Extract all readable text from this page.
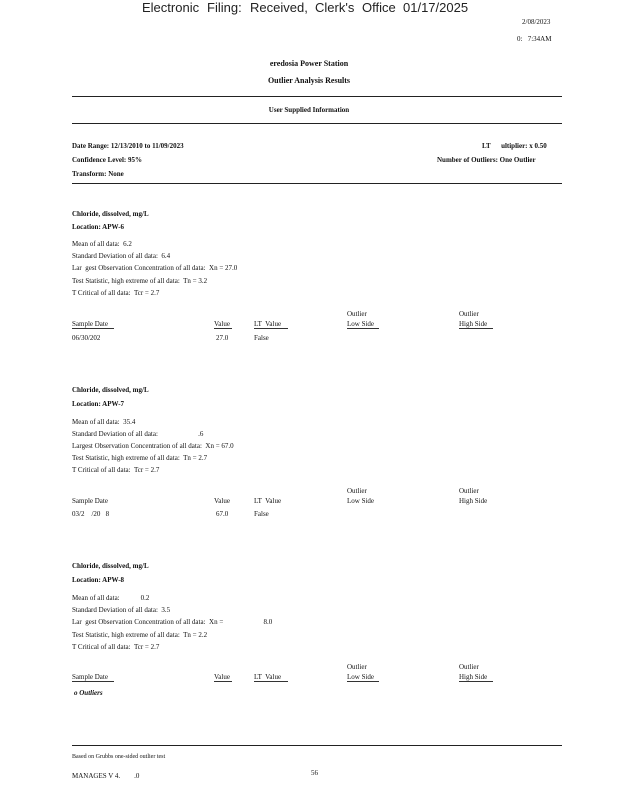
Electronic Filing: Received, Clerk's Office 01/17/2025
2/08/2023
0:   7:34AM
eredosia Power Station
Outlier Analysis Results
User Supplied Information
Date Range: 12/13/2010 to 11/09/2023
Confidence Level: 95%
Transform: None
LT      ultiplier: x 0.50
Number of Outliers: One Outlier
Chloride, dissolved, mg/L
Location: APW-6
Mean of all data:  6.2
Standard Deviation of all data:  6.4
Lar  gest Observation Concentration of all data:  Xn = 27.0
Test Statistic, high extreme of all data:  Tn = 3.2
T Critical of all data:  Tcr = 2.7
Outlier	Outlier
Sample Date	Value	LT  Value	Low Side	High Side
06/30/202	27.0	False
Chloride, dissolved, mg/L
Location: APW-7
Mean of all data:  35.4
Standard Deviation of all data:                       .6
Largest Observation Concentration of all data:  Xn = 67.0
Test Statistic, high extreme of all data:  Tn = 2.7
T Critical of all data:  Tcr = 2.7
Outlier	Outlier
Sample Date	Value	LT  Value	Low Side	High Side
03/2    /20   8	67.0	False
Chloride, dissolved, mg/L
Location: APW-8
Mean of all data:            0.2
Standard Deviation of all data:  3.5
Lar  gest Observation Concentration of all data:  Xn =                       8.0
Test Statistic, high extreme of all data:  Tn = 2.2
T Critical of all data:  Tcr = 2.7
Outlier	Outlier
Sample Date	Value	LT  Value	Low Side	High Side
o Outliers
Based on Grubbs one-sided outlier test
MANAGES V 4.        .0	56
